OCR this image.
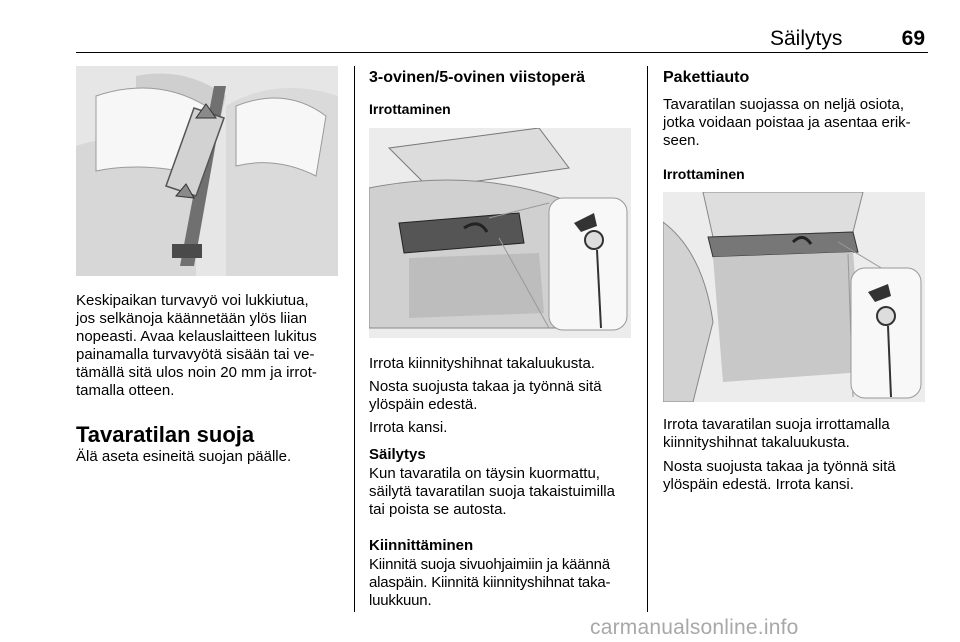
Säilytys	69
Keskipaikan turvavyö voi lukkiutua,
jos selkänoja käännetään ylös liian
nopeasti. Avaa kelauslaitteen lukitus
painamalla turvavyötä sisään tai ve-
tämällä sitä ulos noin 20 mm ja irrot-
tamalla otteen.
Tavaratilan suoja
Älä aseta esineitä suojan päälle.
3-ovinen/5-ovinen viistoperä
Irrottaminen
Irrota kiinnityshihnat takaluukusta.
Nosta suojusta takaa ja työnnä sitä
ylöspäin edestä.
Irrota kansi.
Säilytys
Kun tavaratila on täysin kuormattu,
säilytä tavaratilan suoja takaistuimilla
tai poista se autosta.
Kiinnittäminen
Kiinnitä suoja sivuohjaimiin ja käännä
alaspäin. Kiinnitä kiinnityshihnat taka-
luukkuun.
Pakettiauto
Tavaratilan suojassa on neljä osiota,
jotka voidaan poistaa ja asentaa erik-
seen.
Irrottaminen
Irrota tavaratilan suoja irrottamalla
kiinnityshihnat takaluukusta.
Nosta suojusta takaa ja työnnä sitä
ylöspäin edestä. Irrota kansi.
carmanualsonline.info
